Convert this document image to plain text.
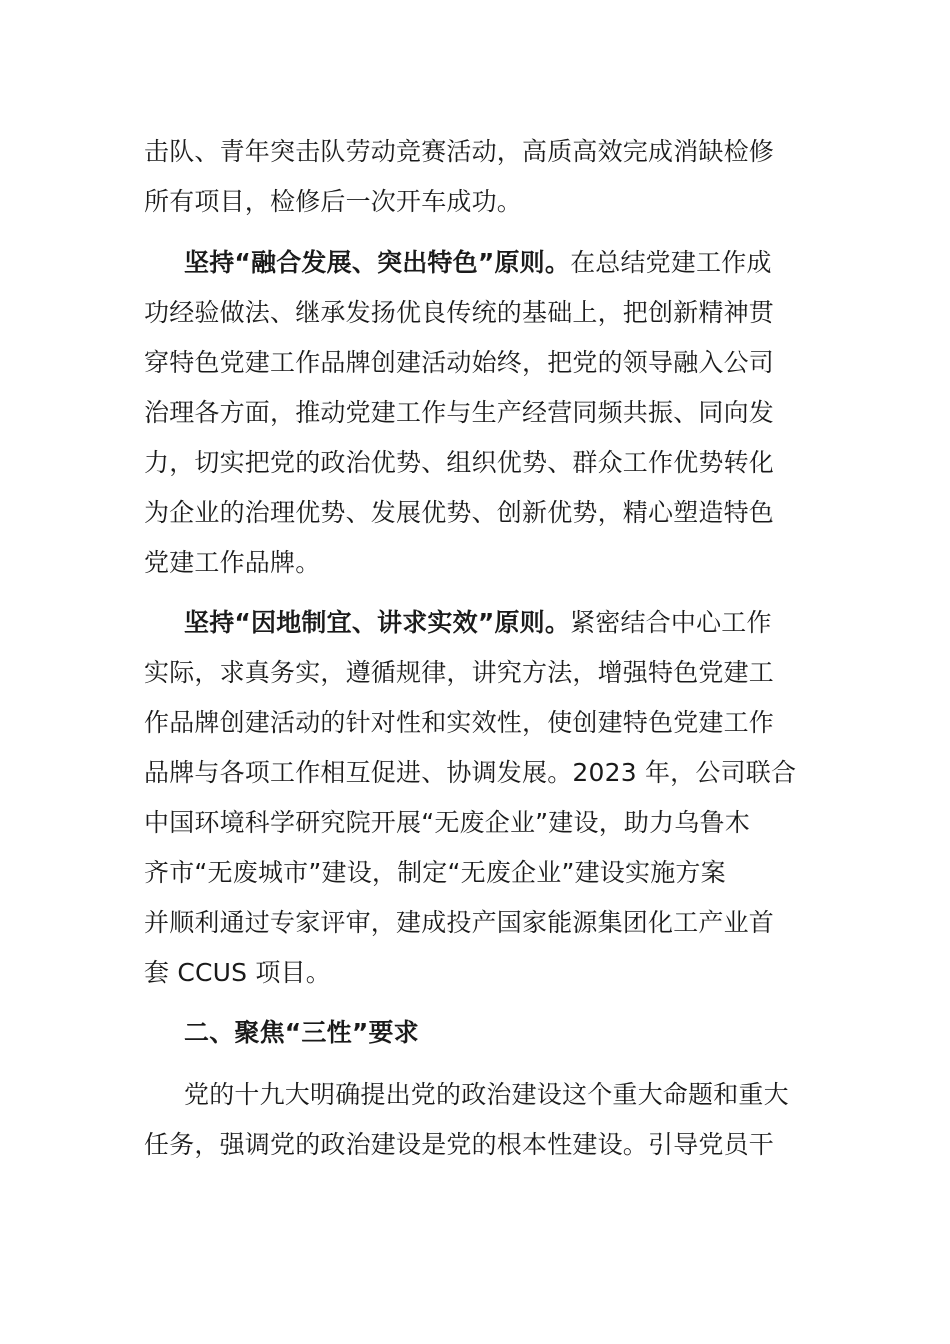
击队、青年突击队劳动竞赛活动，高质高效完成消缺检修
所有项目，检修后一次开车成功。
坚持“融合发展、突出特色”原则。在总结党建工作成
功经验做法、继承发扬优良传统的基础上，把创新精神贯
穿特色党建工作品牌创建活动始终，把党的领导融入公司
治理各方面，推动党建工作与生产经营同频共振、同向发
力，切实把党的政治优势、组织优势、群众工作优势转化
为企业的治理优势、发展优势、创新优势，精心塑造特色
党建工作品牌。
坚持“因地制宜、讲求实效”原则。紧密结合中心工作
实际，求真务实，遵循规律，讲究方法，增强特色党建工
作品牌创建活动的针对性和实效性，使创建特色党建工作
品牌与各项工作相互促进、协调发展。2023 年，公司联合
中国环境科学研究院开展“无废企业”建设，助力乌鲁木
齐市“无废城市”建设，制定“无废企业”建设实施方案
并顺利通过专家评审，建成投产国家能源集团化工产业首
套 CCUS 项目。
二、聚焦“三性”要求
党的十九大明确提出党的政治建设这个重大命题和重大
任务，强调党的政治建设是党的根本性建设。引导党员干
